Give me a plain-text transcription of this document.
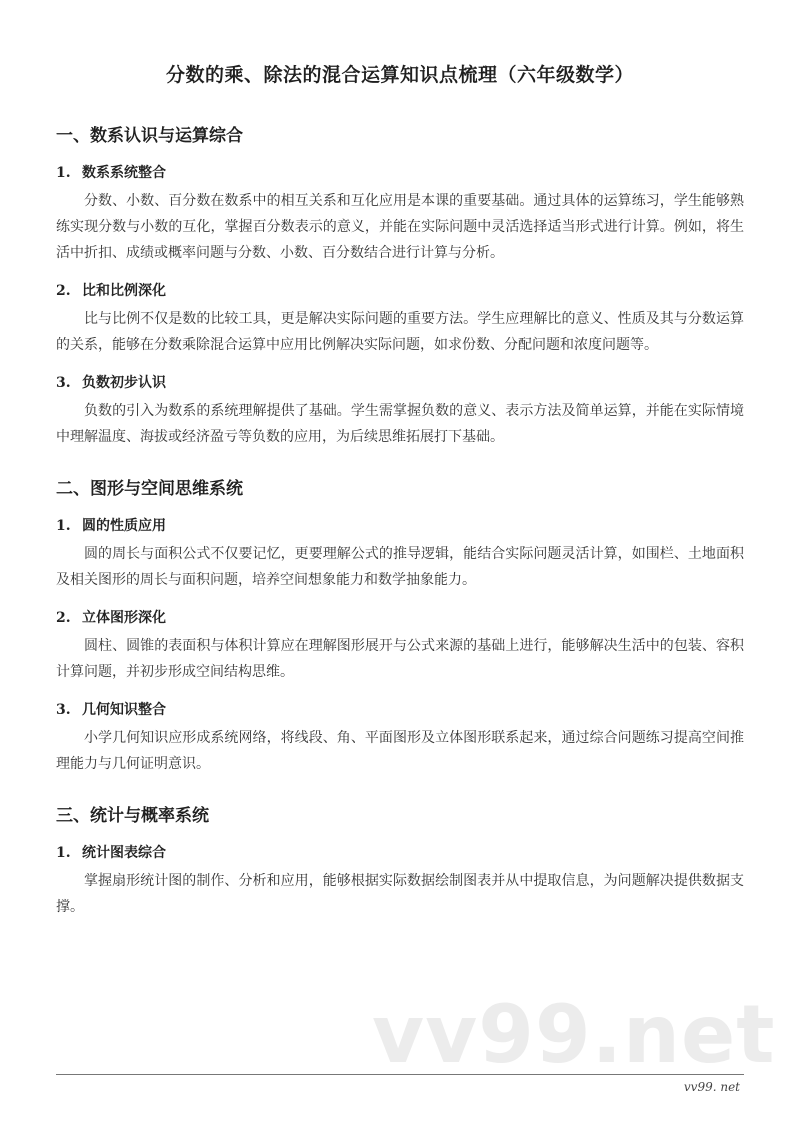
分数的乘、除法的混合运算知识点梳理（六年级数学）
一、数系认识与运算综合
1. 数系系统整合

分数、小数、百分数在数系中的相互关系和互化应用是本课的重要基础。通过具体的运算练习，学生能够熟练实现分数与小数的互化，掌握百分数表示的意义，并能在实际问题中灵活选择适当形式进行计算。例如，将生活中折扣、成绩或概率问题与分数、小数、百分数结合进行计算与分析。

2. 比和比例深化

比与比例不仅是数的比较工具，更是解决实际问题的重要方法。学生应理解比的意义、性质及其与分数运算的关系，能够在分数乘除混合运算中应用比例解决实际问题，如求份数、分配问题和浓度问题等。

3. 负数初步认识

负数的引入为数系的系统理解提供了基础。学生需掌握负数的意义、表示方法及简单运算，并能在实际情境中理解温度、海拔或经济盈亏等负数的应用，为后续思维拓展打下基础。

二、图形与空间思维系统
1. 圆的性质应用

圆的周长与面积公式不仅要记忆，更要理解公式的推导逻辑，能结合实际问题灵活计算，如围栏、土地面积及相关图形的周长与面积问题，培养空间想象能力和数学抽象能力。

2. 立体图形深化

圆柱、圆锥的表面积与体积计算应在理解图形展开与公式来源的基础上进行，能够解决生活中的包装、容积计算问题，并初步形成空间结构思维。

3. 几何知识整合

小学几何知识应形成系统网络，将线段、角、平面图形及立体图形联系起来，通过综合问题练习提高空间推理能力与几何证明意识。

三、统计与概率系统
1. 统计图表综合

掌握扇形统计图的制作、分析和应用，能够根据实际数据绘制图表并从中提取信息，为问题解决提供数据支撑。

vv99.net
vv99. net
